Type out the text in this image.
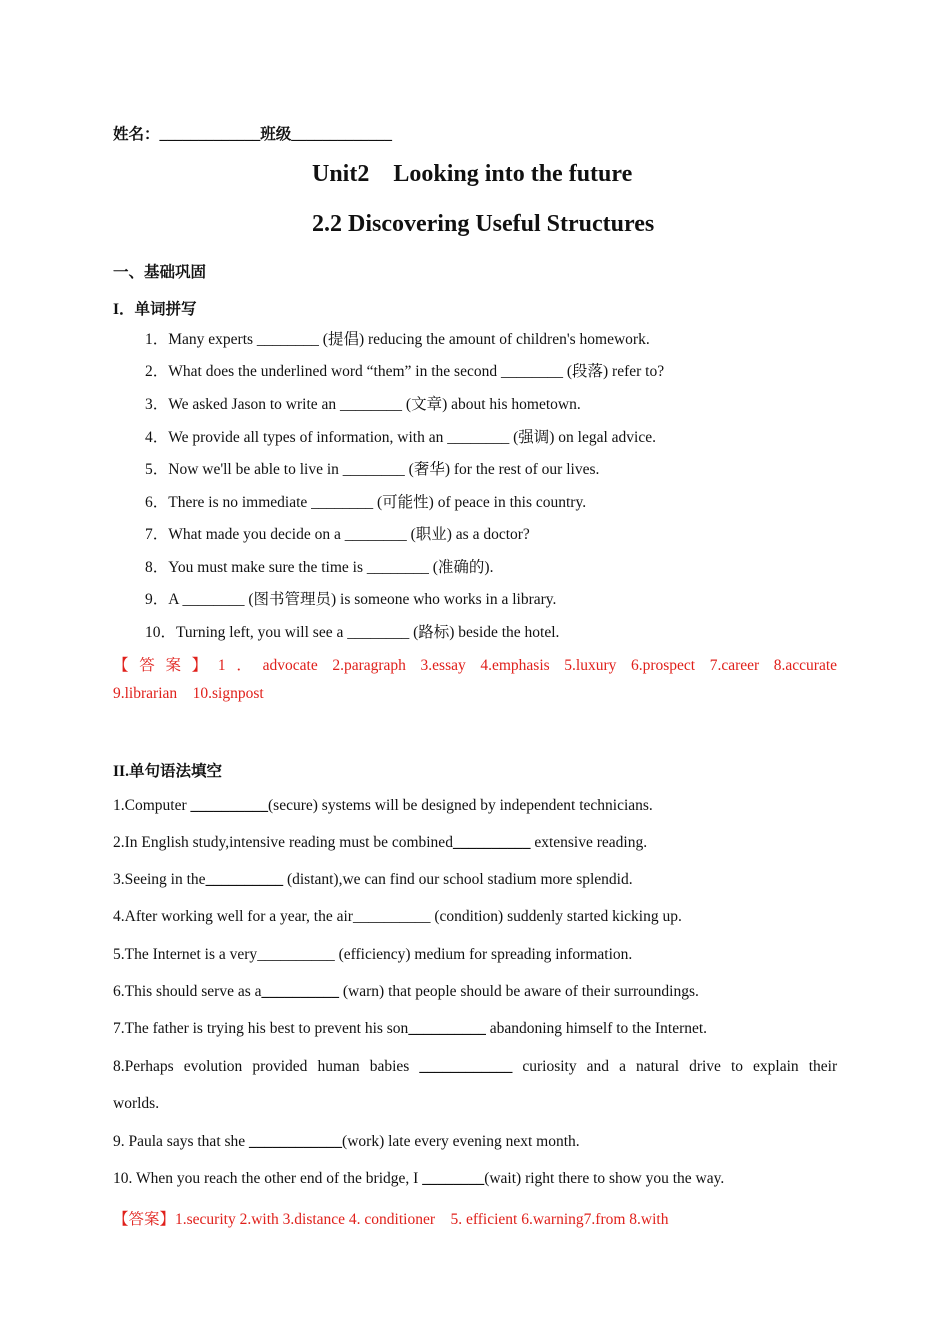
姓名：_____________班级_____________
Unit2    Looking into the future
2.2 Discovering Useful Structures
一、基础巩固
I．单词拼写
1．Many experts ________ (提倡) reducing the amount of children's homework.
2．What does the underlined word “them” in the second ________ (段落) refer to?
3．We asked Jason to write an ________ (文章) about his hometown.
4．We provide all types of information, with an ________ (强调) on legal advice.
5．Now we'll be able to live in ________ (奢华) for the rest of our lives.
6．There is no immediate ________ (可能性) of peace in this country.
7．What made you decide on a ________ (职业) as a doctor?
8．You must make sure the time is ________ (准确的).
9．A ________ (图书管理员) is someone who works in a library.
10．Turning left, you will see a ________ (路标) beside the hotel.
【答案】1．advocate 2.paragraph 3.essay 4.emphasis 5.luxury 6.prospect 7.career 8.accurate
9.librarian    10.signpost
II.单句语法填空
1.Computer __________(secure) systems will be designed by independent technicians.
2.In English study,intensive reading must be combined__________ extensive reading.
3.Seeing in the__________ (distant),we can find our school stadium more splendid.
4.After working well for a year, the air__________ (condition) suddenly started kicking up.
5.The Internet is a very__________ (efficiency) medium for spreading information.
6.This should serve as a__________ (warn) that people should be aware of their surroundings.
7.The father is trying his best to prevent his son__________ abandoning himself to the Internet.
8.Perhaps evolution provided human babies ____________ curiosity and a natural drive to explain their
worlds.
9. Paula says that she ____________(work) late every evening next month.
10. When you reach the other end of the bridge, I ________(wait) right there to show you the way.
【答案】1.security 2.with 3.distance 4. conditioner    5. efficient 6.warning7.from 8.with
